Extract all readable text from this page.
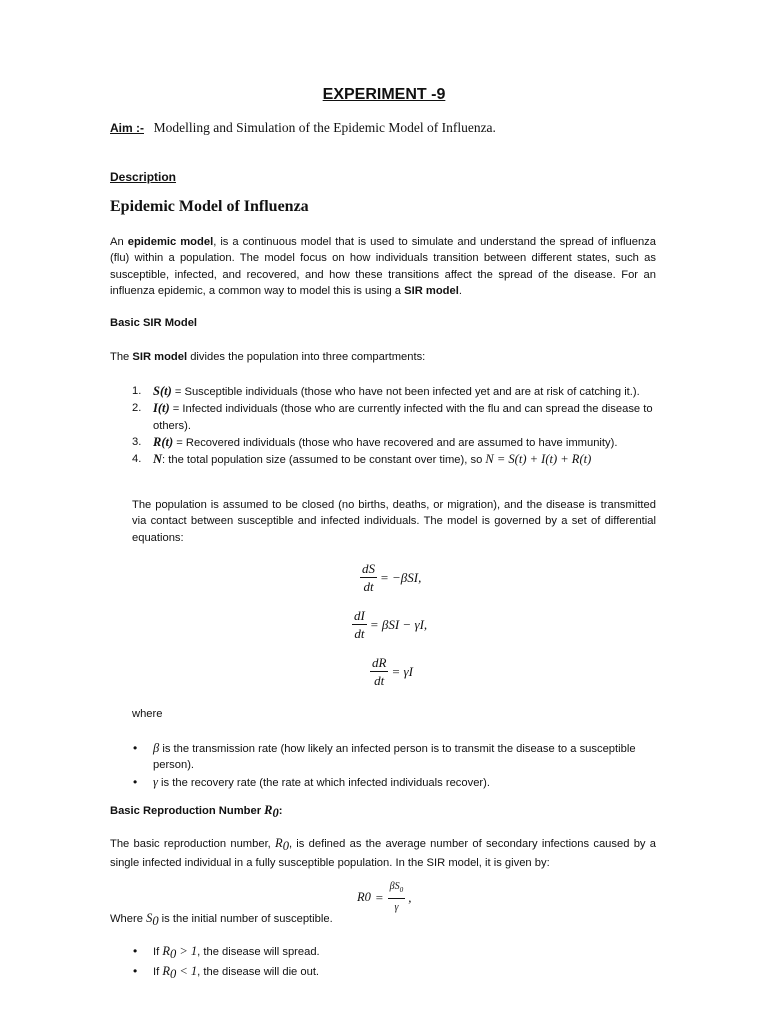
EXPERIMENT -9
Aim :- Modelling and Simulation of the Epidemic Model of Influenza.
Description
Epidemic Model of Influenza
An epidemic model, is a continuous model that is used to simulate and understand the spread of influenza (flu) within a population. The model focus on how individuals transition between different states, such as susceptible, infected, and recovered, and how these transitions affect the spread of the disease. For an influenza epidemic, a common way to model this is using a SIR model.
Basic SIR Model
The SIR model divides the population into three compartments:
1. S(t) = Susceptible individuals (those who have not been infected yet and are at risk of catching it.).
2. I(t) = Infected individuals (those who are currently infected with the flu and can spread the disease to others).
3. R(t) = Recovered individuals (those who have recovered and are assumed to have immunity).
4. N: the total population size (assumed to be constant over time), so N = S(t) + I(t) + R(t)
The population is assumed to be closed (no births, deaths, or migration), and the disease is transmitted via contact between susceptible and infected individuals. The model is governed by a set of differential equations:
$\frac{dS}{dt} = -\beta SI$,
$\frac{dI}{dt} = \beta SI - \gamma I$,
$\frac{dR}{dt} = \gamma I$
where
• β is the transmission rate (how likely an infected person is to transmit the disease to a susceptible person).
• γ is the recovery rate (the rate at which infected individuals recover).
Basic Reproduction Number $R_0$:
The basic reproduction number, $R_0$, is defined as the average number of secondary infections caused by a single infected individual in a fully susceptible population. In the SIR model, it is given by:
R $0 = \frac{\beta S_0}{\gamma}$ ,
Where $S_0$ is the initial number of susceptible.
• If $R_0 > 1$, the disease will spread.
• If $R_0 < 1$, the disease will die out.
